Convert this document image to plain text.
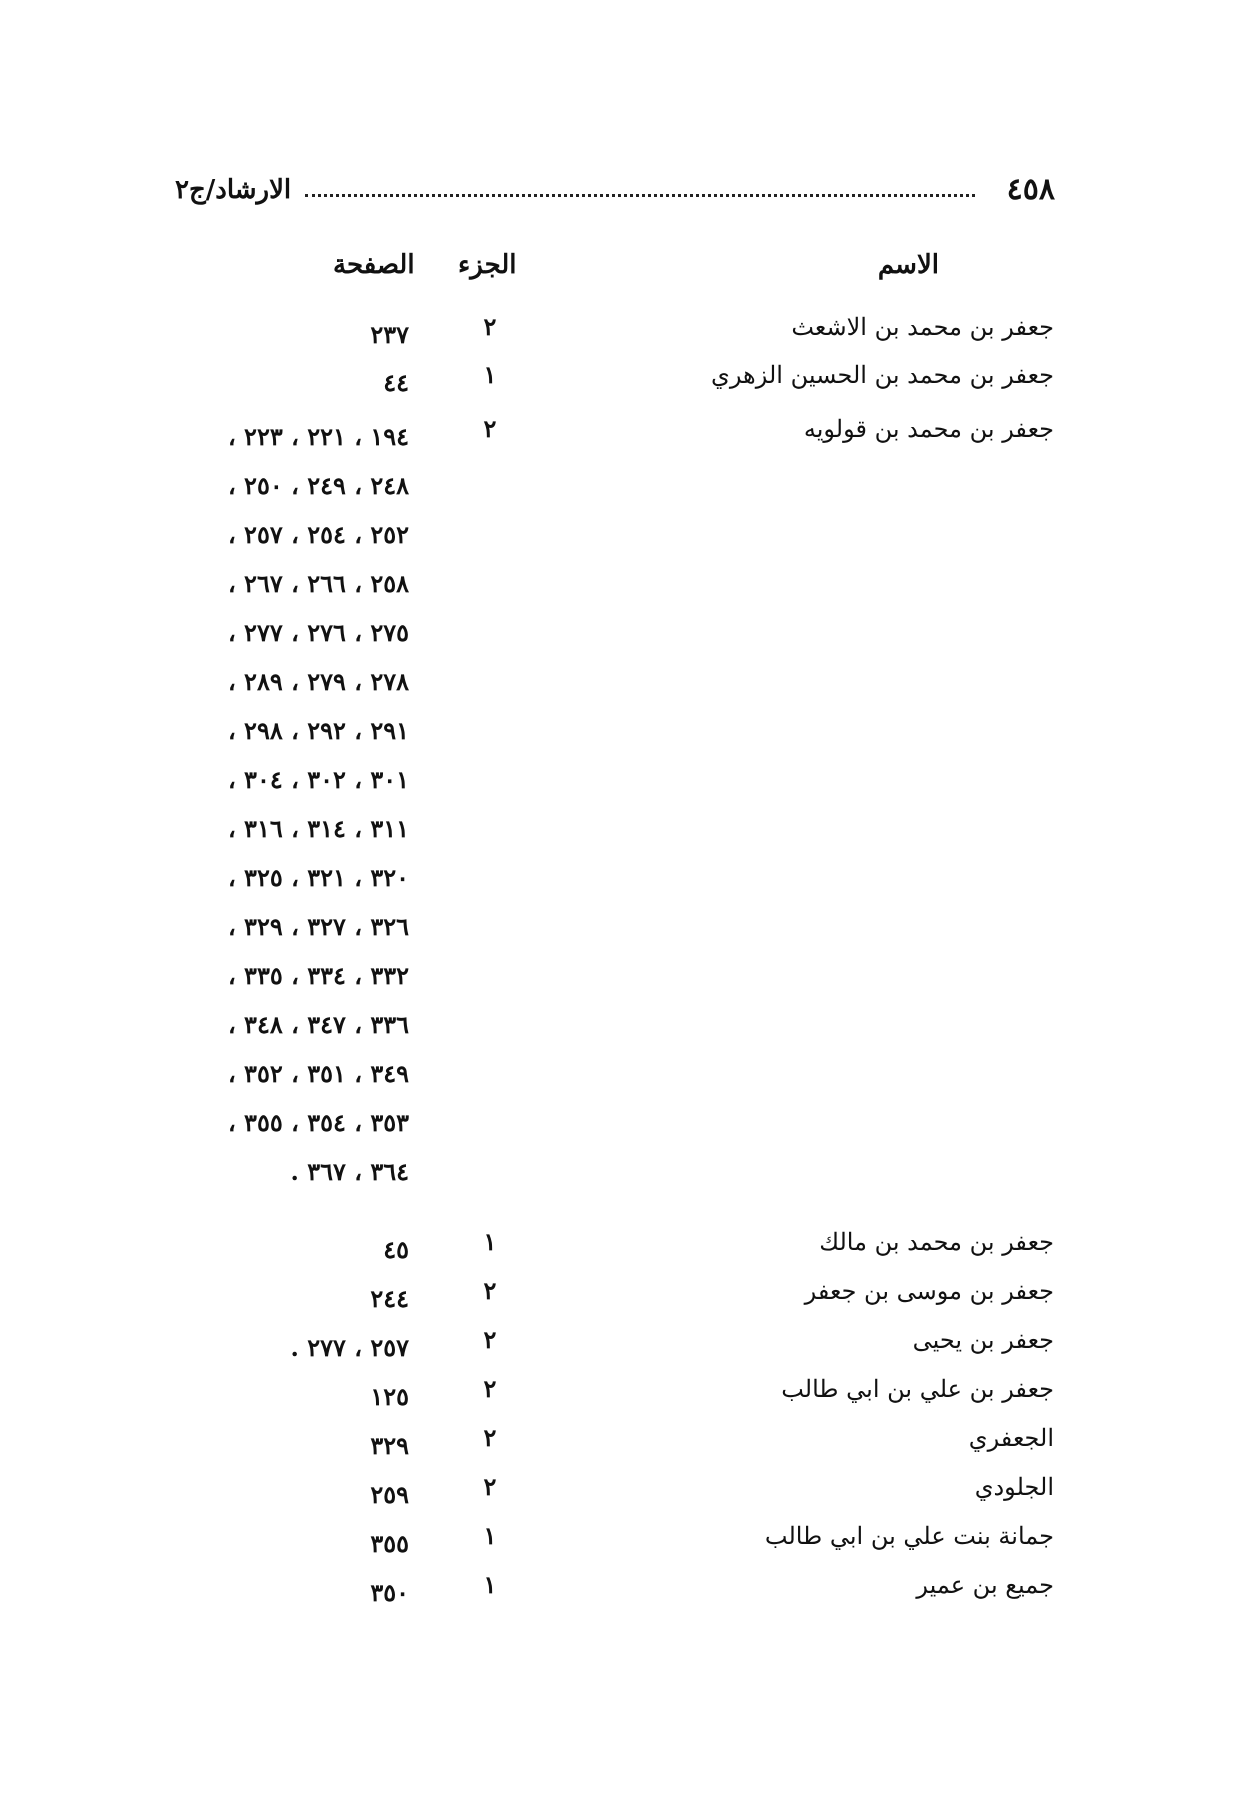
٤٥٨
الارشاد/ج٢
الاسم
الجزء
الصفحة
جعفر بن محمد بن الاشعث
٢
٢٣٧
جعفر بن محمد بن الحسين الزهري
١
٤٤
جعفر بن محمد بن قولويه
٢
١٩٤ ، ٢٢١ ، ٢٢٣ ،
٢٤٨ ، ٢٤٩ ، ٢٥٠ ،
٢٥٢ ، ٢٥٤ ، ٢٥٧ ،
٢٥٨ ، ٢٦٦ ، ٢٦٧ ،
٢٧٥ ، ٢٧٦ ، ٢٧٧ ،
٢٧٨ ، ٢٧٩ ، ٢٨٩ ،
٢٩١ ، ٢٩٢ ، ٢٩٨ ،
٣٠١ ، ٣٠٢ ، ٣٠٤ ،
٣١١ ، ٣١٤ ، ٣١٦ ،
٣٢٠ ، ٣٢١ ، ٣٢٥ ،
٣٢٦ ، ٣٢٧ ، ٣٢٩ ،
٣٣٢ ، ٣٣٤ ، ٣٣٥ ،
٣٣٦ ، ٣٤٧ ، ٣٤٨ ،
٣٤٩ ، ٣٥١ ، ٣٥٢ ،
٣٥٣ ، ٣٥٤ ، ٣٥٥ ،
٣٦٤ ، ٣٦٧ .
جعفر بن محمد بن مالك
١
٤٥
جعفر بن موسى بن جعفر
٢
٢٤٤
جعفر بن يحيى
٢
٢٥٧ ، ٢٧٧ .
جعفر بن علي بن ابي طالب
٢
١٢٥
الجعفري
٢
٣٢٩
الجلودي
٢
٢٥٩
جمانة بنت علي بن ابي طالب
١
٣٥٥
جميع بن عمير
١
٣٥٠
